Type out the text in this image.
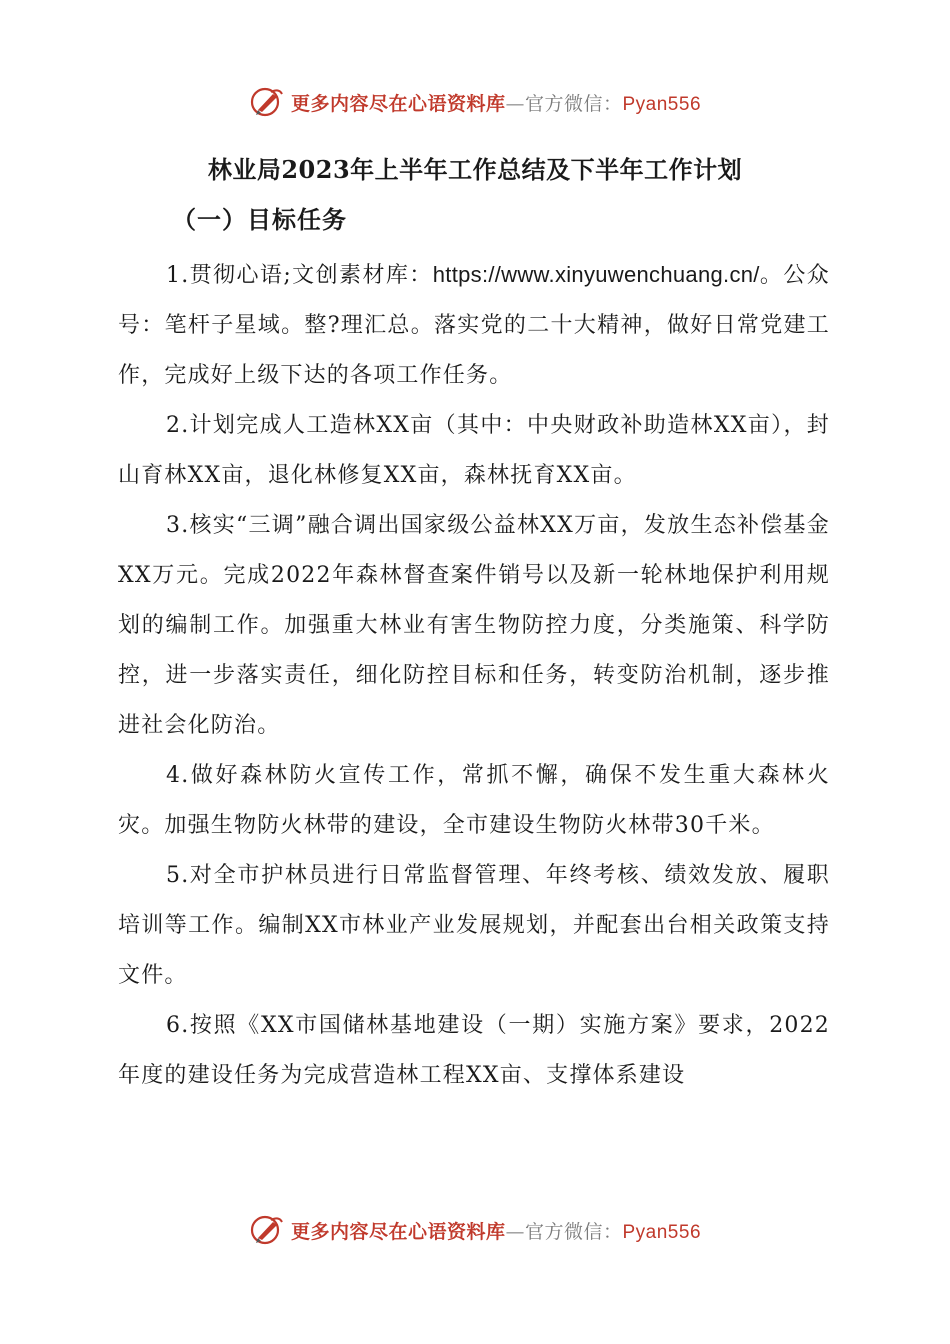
更多内容尽在心语资料库—官方微信：Pyan556
林业局2023年上半年工作总结及下半年工作计划
（一）目标任务

1.贯彻心语;文创素材库：https://www.xinyuwenchuang.cn/。公众号：笔杆子星域。整?理汇总。落实党的二十大精神，做好日常党建工作，完成好上级下达的各项工作任务。

2.计划完成人工造林XX亩（其中：中央财政补助造林XX亩），封山育林XX亩，退化林修复XX亩，森林抚育XX亩。

3.核实“三调”融合调出国家级公益林XX万亩，发放生态补偿基金XX万元。完成2022年森林督查案件销号以及新一轮林地保护利用规划的编制工作。加强重大林业有害生物防控力度，分类施策、科学防控，进一步落实责任，细化防控目标和任务，转变防治机制，逐步推进社会化防治。

4.做好森林防火宣传工作，常抓不懈，确保不发生重大森林火灾。加强生物防火林带的建设，全市建设生物防火林带30千米。

5.对全市护林员进行日常监督管理、年终考核、绩效发放、履职培训等工作。编制XX市林业产业发展规划，并配套出台相关政策支持文件。

6.按照《XX市国储林基地建设（一期）实施方案》要求，2022年度的建设任务为完成营造林工程XX亩、支撑体系建设

更多内容尽在心语资料库—官方微信：Pyan556
